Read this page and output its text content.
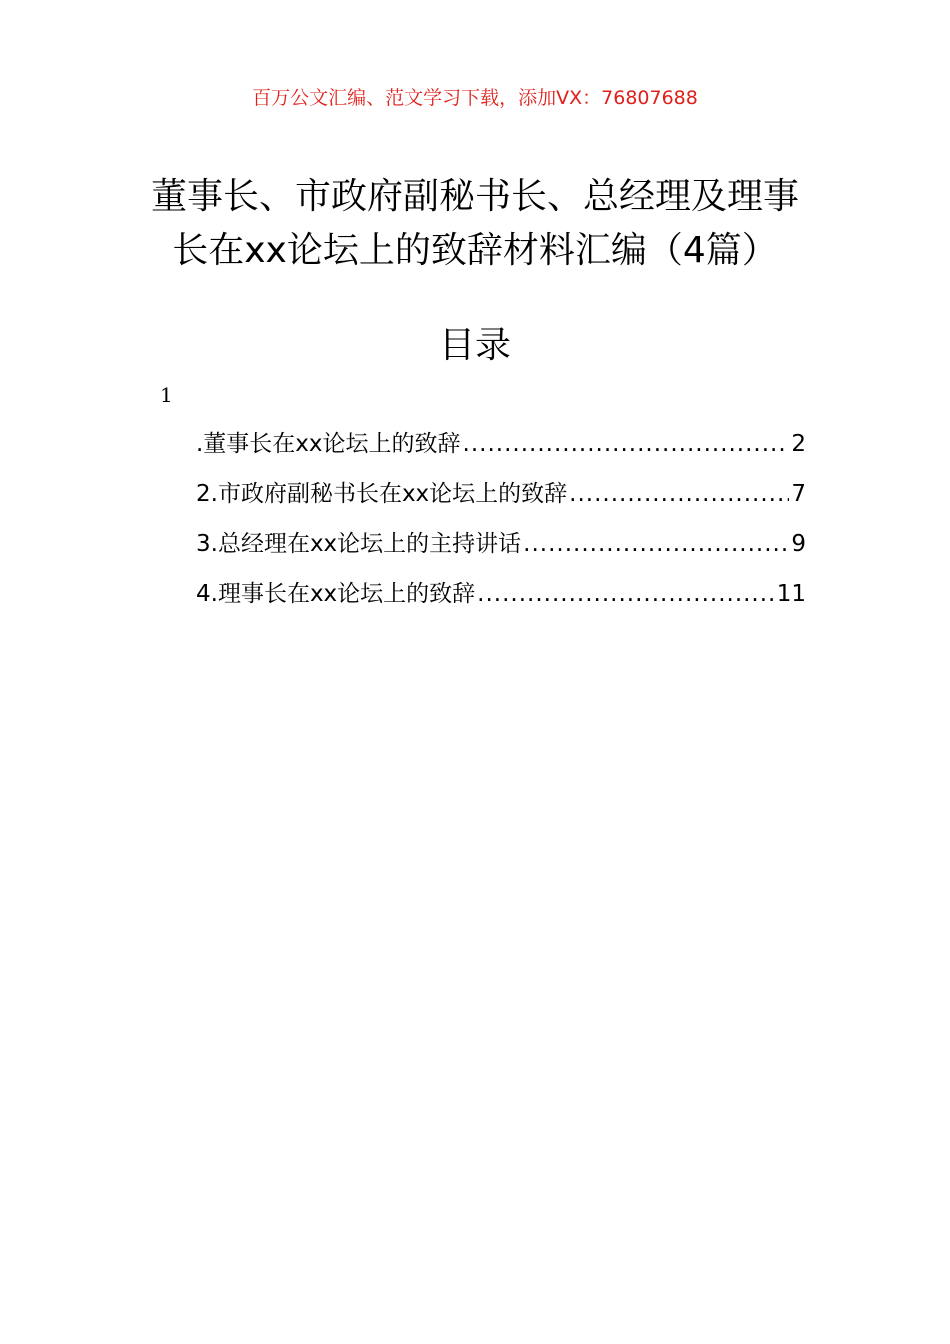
百万公文汇编、范文学习下载，添加VX：76807688
董事长、市政府副秘书长、总经理及理事
长在xx论坛上的致辞材料汇编（4篇）
目录
1
.董事长在xx论坛上的致辞 .....	2
2.市政府副秘书长在xx论坛上的致辞 .....	7
3.总经理在xx论坛上的主持讲话 .....	9
4.理事长在xx论坛上的致辞 .....	11
